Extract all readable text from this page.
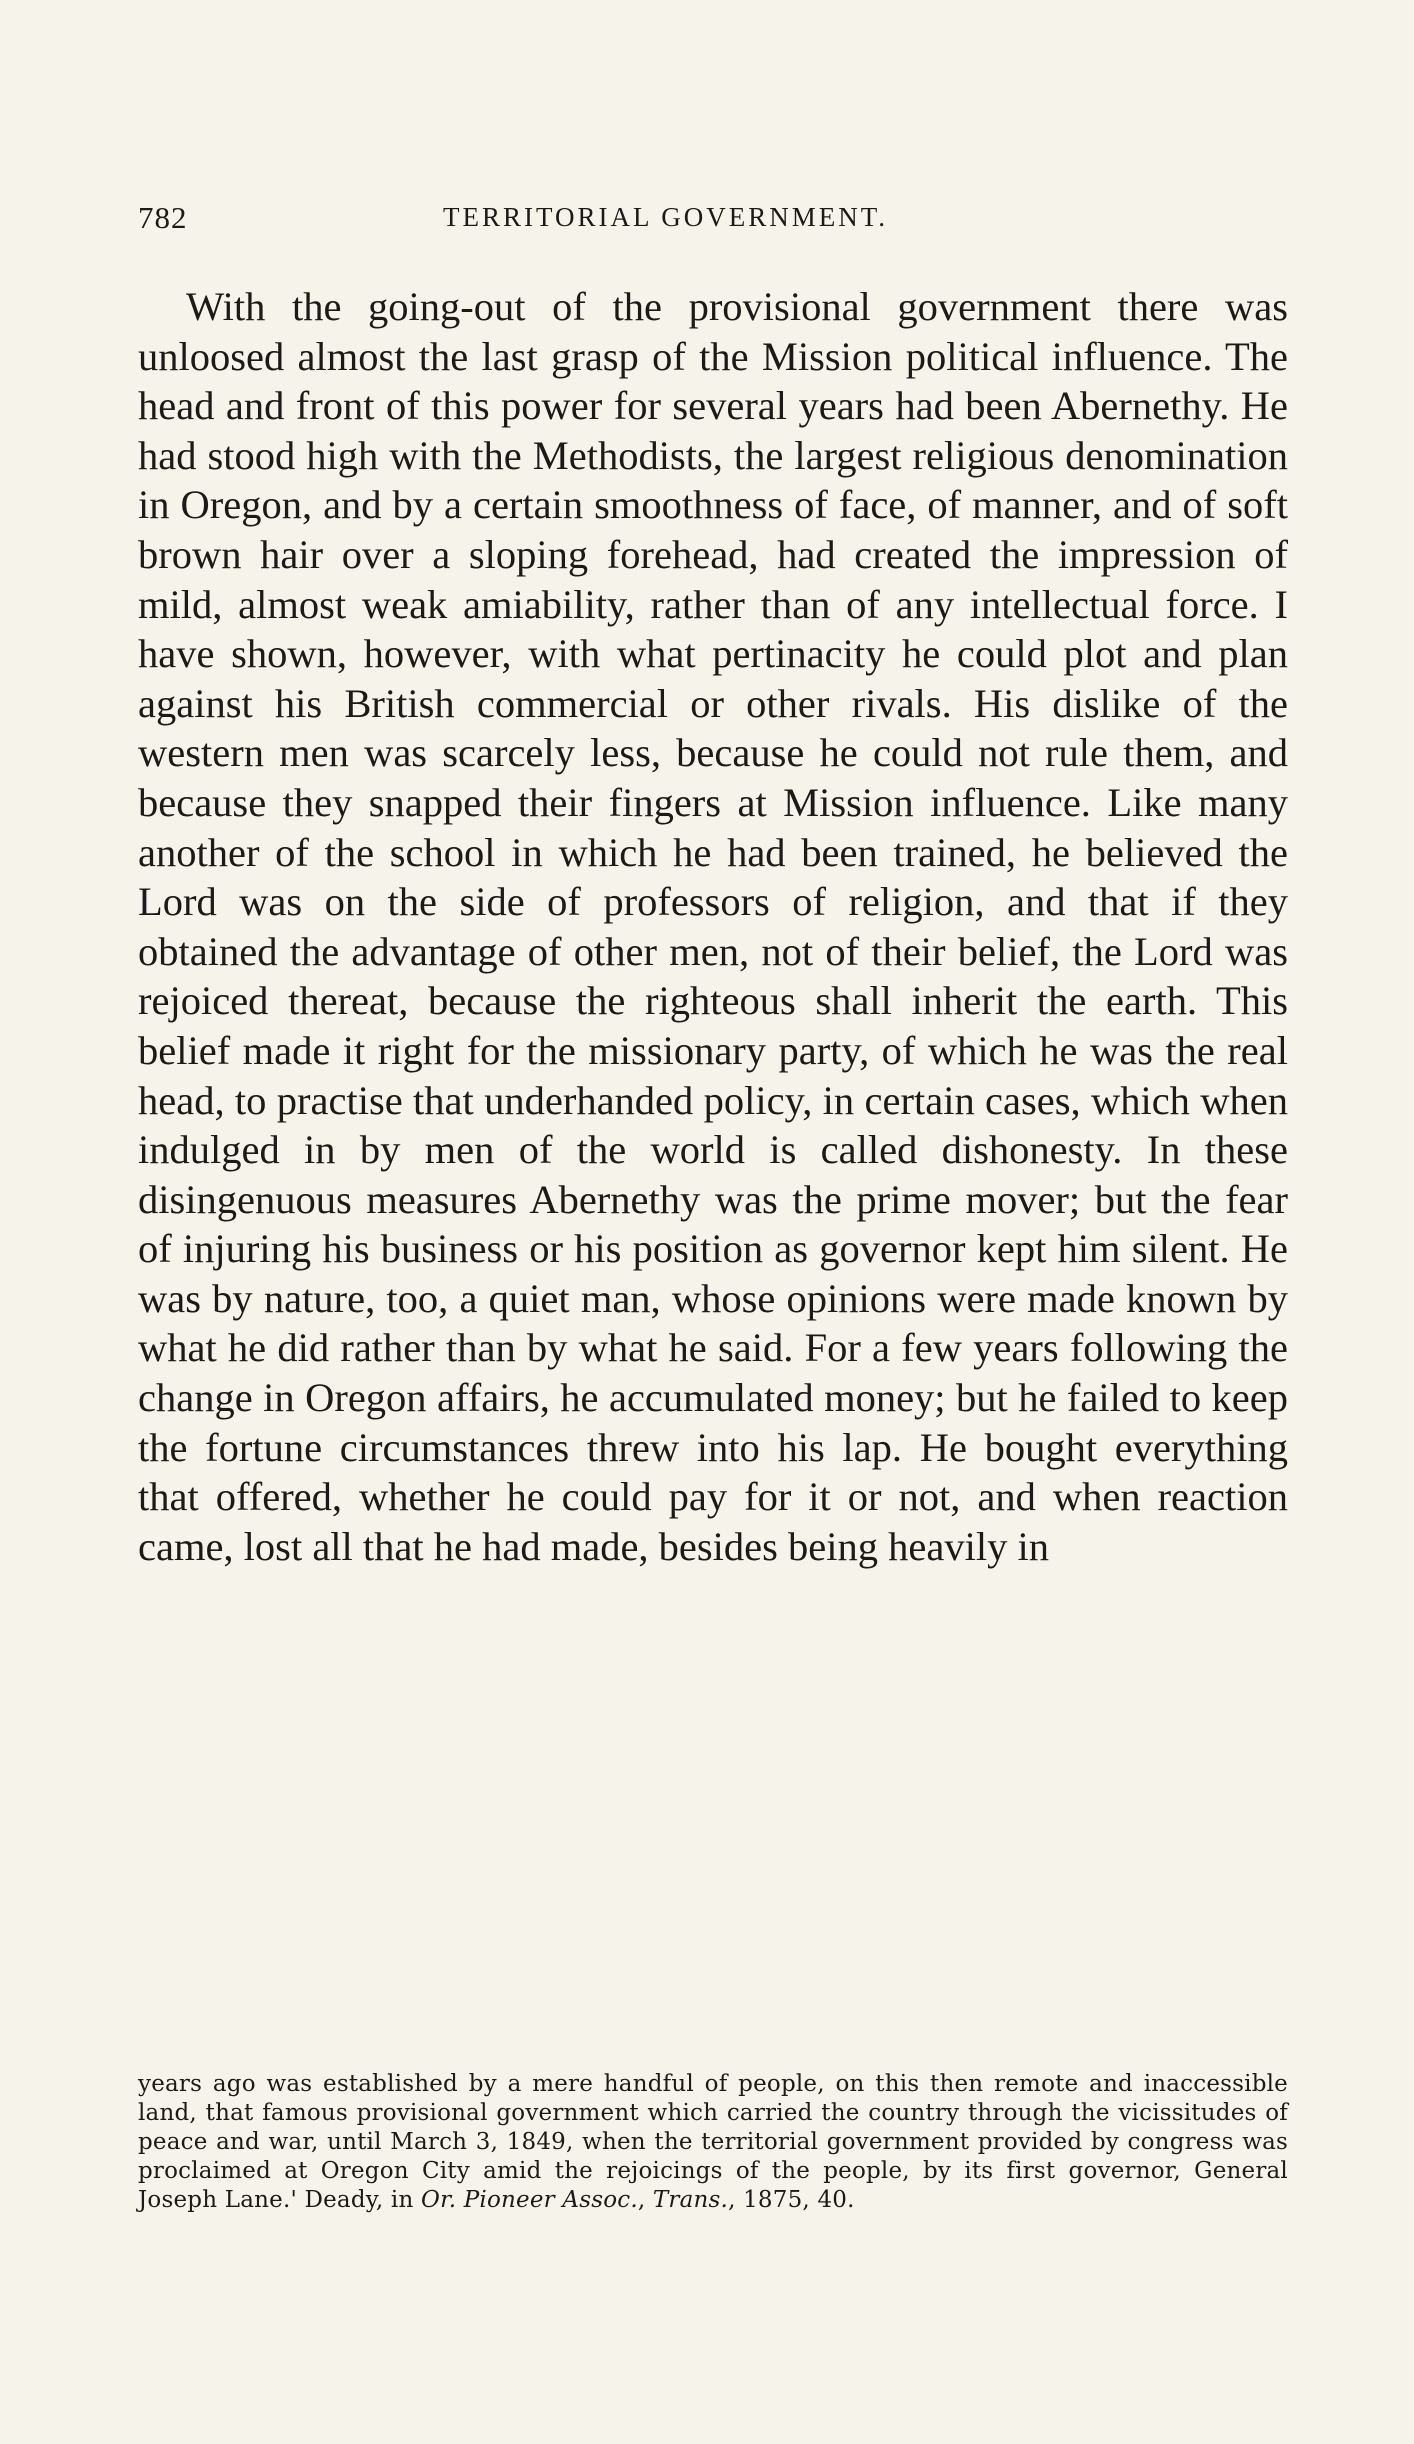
782	TERRITORIAL GOVERNMENT.

With the going-out of the provisional government there was unloosed almost the last grasp of the Mission political influence. The head and front of this power for several years had been Abernethy. He had stood high with the Methodists, the largest religious denomination in Oregon, and by a certain smoothness of face, of manner, and of soft brown hair over a sloping forehead, had created the impression of mild, almost weak amiability, rather than of any intellectual force. I have shown, however, with what pertinacity he could plot and plan against his British commercial or other rivals. His dislike of the western men was scarcely less, because he could not rule them, and because they snapped their fingers at Mission influence. Like many another of the school in which he had been trained, he believed the Lord was on the side of professors of religion, and that if they obtained the advantage of other men, not of their belief, the Lord was rejoiced thereat, because the righteous shall inherit the earth. This belief made it right for the missionary party, of which he was the real head, to practise that underhanded policy, in certain cases, which when indulged in by men of the world is called dishonesty. In these disingenuous measures Abernethy was the prime mover; but the fear of injuring his business or his position as governor kept him silent. He was by nature, too, a quiet man, whose opinions were made known by what he did rather than by what he said. For a few years following the change in Oregon affairs, he accumulated money; but he failed to keep the fortune circumstances threw into his lap. He bought everything that offered, whether he could pay for it or not, and when reaction came, lost all that he had made, besides being heavily in

years ago was established by a mere handful of people, on this then remote and inaccessible land, that famous provisional government which carried the country through the vicissitudes of peace and war, until March 3, 1849, when the territorial government provided by congress was proclaimed at Oregon City amid the rejoicings of the people, by its first governor, General Joseph Lane.' Deady, in Or. Pioneer Assoc., Trans., 1875, 40.
